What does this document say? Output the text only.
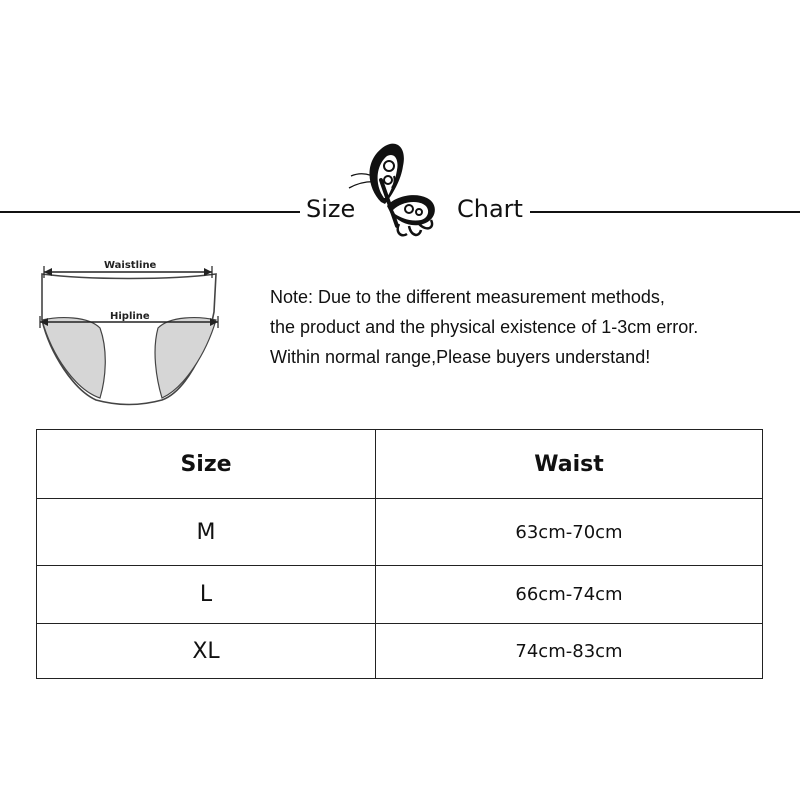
Size	Chart
Waistline
Hipline
Note: Due to the different measurement methods,
the product and the physical existence of 1-3cm error.
Within normal range,Please buyers understand!
Size	Waist
M	63cm-70cm
L	66cm-74cm
XL	74cm-83cm
